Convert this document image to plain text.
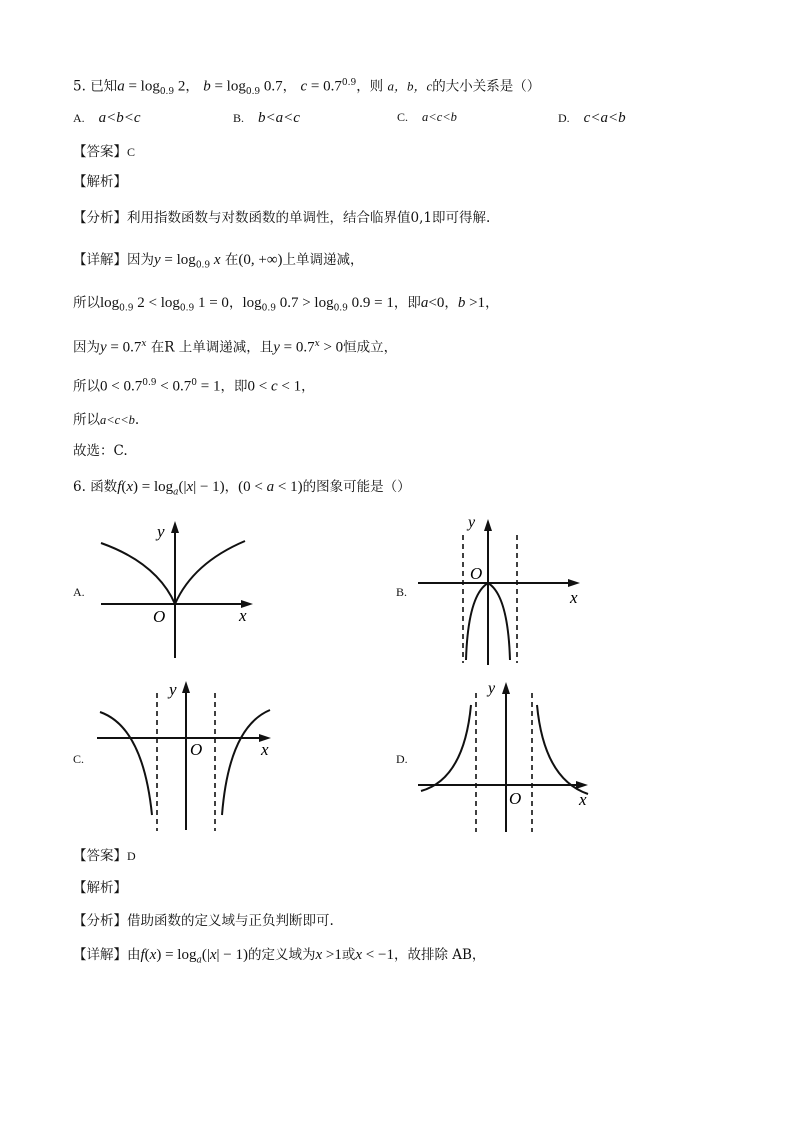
5. 已知$a = \log_{0.9} 2$， $b = \log_{0.9} 0.7$， $c = 0.7^{0.9}$，则 a，b，c的大小关系是（）
A. a<b<c	B. b<a<c	C. a<c<b	D. c<a<b
【答案】C
【解析】
【分析】利用指数函数与对数函数的单调性，结合临界值0,1即可得解.
【详解】因为$y = \log_{0.9} x$ 在(0, +∞)上单调递减，
所以$\log_{0.9} 2 < \log_{0.9} 1 = 0$，$\log_{0.9} 0.7 > \log_{0.9} 0.9 = 1$，即a<0，b >1，
因为$y = 0.7^x$ 在R 上单调递减，且$y = 0.7^x > 0$恒成立，
所以$0 < 0.7^{0.9} < 0.7^0 = 1$，即0 < c < 1，
所以a<c<b.
故选：C.
6. 函数$f(x) = \log_a(|x| - 1)$，(0 < a < 1)的图象可能是（）
A.	B.
C.	D.
y
x
O
y
x
O
y
x
O
y
x
O
【答案】D
【解析】
【分析】借助函数的定义域与正负判断即可.
【详解】由$f(x) = \log_a(|x| - 1)$的定义域为x >1或x < −1，故排除 AB，
